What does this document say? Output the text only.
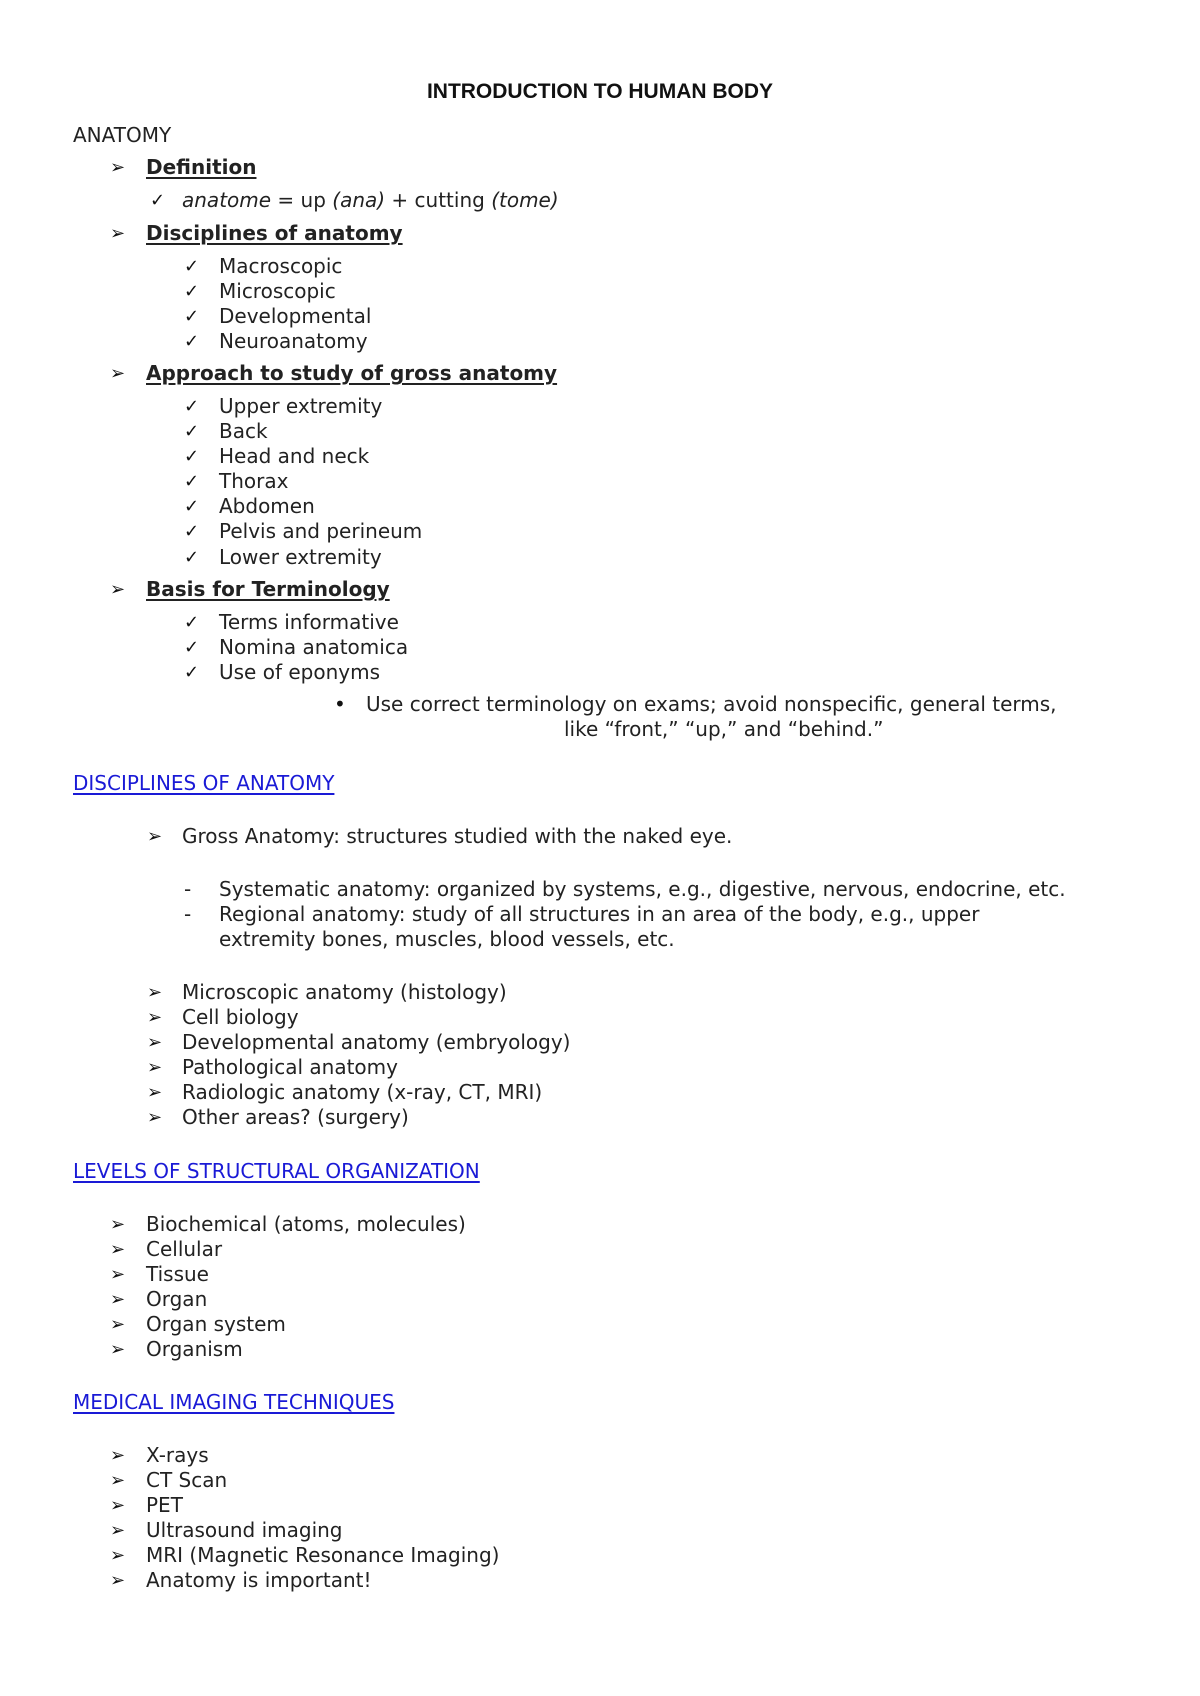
INTRODUCTION TO HUMAN BODY
ANATOMY
➢ Definition
✓ anatome = up (ana) + cutting (tome)
➢ Disciplines of anatomy
✓ Macroscopic
✓ Microscopic
✓ Developmental
✓ Neuroanatomy
➢ Approach to study of gross anatomy
✓ Upper extremity
✓ Back
✓ Head and neck
✓ Thorax
✓ Abdomen
✓ Pelvis and perineum
✓ Lower extremity
➢ Basis for Terminology
✓ Terms informative
✓ Nomina anatomica
✓ Use of eponyms
• Use correct terminology on exams; avoid nonspecific, general terms,
like “front,” “up,” and “behind.”
DISCIPLINES OF ANATOMY
➢ Gross Anatomy: structures studied with the naked eye.
- Systematic anatomy: organized by systems, e.g., digestive, nervous, endocrine, etc.
- Regional anatomy: study of all structures in an area of the body, e.g., upper
extremity bones, muscles, blood vessels, etc.
➢ Microscopic anatomy (histology)
➢ Cell biology
➢ Developmental anatomy (embryology)
➢ Pathological anatomy
➢ Radiologic anatomy (x-ray, CT, MRI)
➢ Other areas? (surgery)
LEVELS OF STRUCTURAL ORGANIZATION
➢ Biochemical (atoms, molecules)
➢ Cellular
➢ Tissue
➢ Organ
➢ Organ system
➢ Organism
MEDICAL IMAGING TECHNIQUES
➢ X-rays
➢ CT Scan
➢ PET
➢ Ultrasound imaging
➢ MRI (Magnetic Resonance Imaging)
➢ Anatomy is important!
